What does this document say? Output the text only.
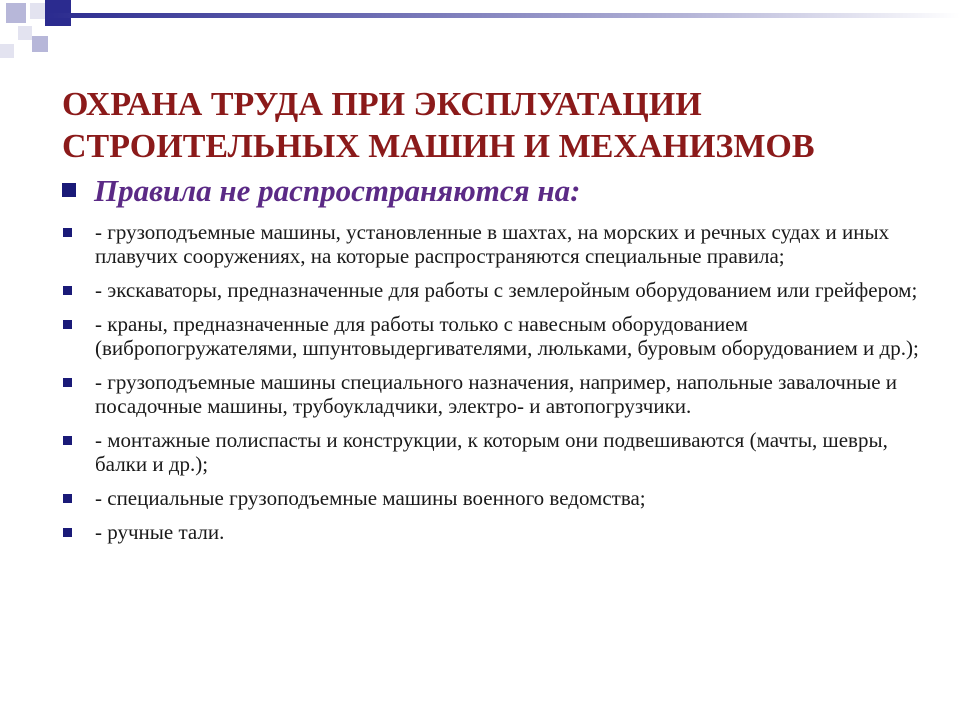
ОХРАНА ТРУДА ПРИ ЭКСПЛУАТАЦИИ
СТРОИТЕЛЬНЫХ МАШИН И МЕХАНИЗМОВ
Правила не распространяются на:
- грузоподъемные машины, установленные в шахтах, на морских и речных судах и иных плавучих сооружениях, на которые распространяются специальные правила;
- экскаваторы, предназначенные для работы с землеройным оборудованием или грейфером;
- краны, предназначенные для работы только с навесным оборудованием (вибропогружателями, шпунтовыдергивателями, люльками, буровым оборудованием и др.);
- грузоподъемные машины специального назначения, например, напольные завалочные и посадочные машины, трубоукладчики, электро- и автопогрузчики.
- монтажные полиспасты и конструкции, к которым они подвешиваются (мачты, шевры, балки и др.);
- специальные грузоподъемные машины военного ведомства;
- ручные тали.
